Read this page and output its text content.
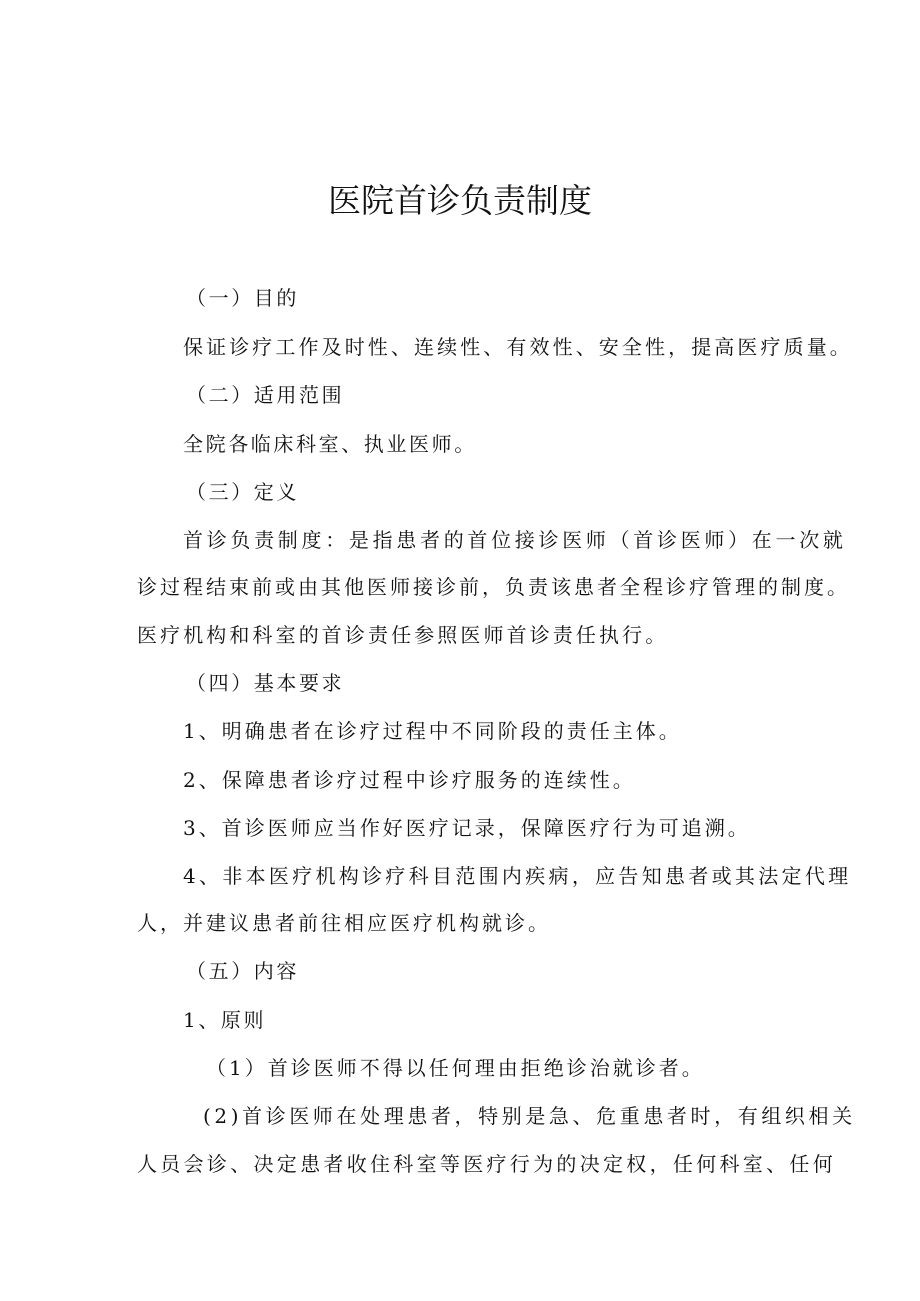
医院首诊负责制度
（一）目的
保证诊疗工作及时性、连续性、有效性、安全性，提高医疗质量。
（二）适用范围
全院各临床科室、执业医师。
（三）定义
首诊负责制度：是指患者的首位接诊医师（首诊医师）在一次就
诊过程结束前或由其他医师接诊前，负责该患者全程诊疗管理的制度。
医疗机构和科室的首诊责任参照医师首诊责任执行。
（四）基本要求
1、明确患者在诊疗过程中不同阶段的责任主体。
2、保障患者诊疗过程中诊疗服务的连续性。
3、首诊医师应当作好医疗记录，保障医疗行为可追溯。
4、非本医疗机构诊疗科目范围内疾病，应告知患者或其法定代理
人，并建议患者前往相应医疗机构就诊。
（五）内容
1、原则
（1）首诊医师不得以任何理由拒绝诊治就诊者。
(2)首诊医师在处理患者，特别是急、危重患者时，有组织相关
人员会诊、决定患者收住科室等医疗行为的决定权，任何科室、任何
